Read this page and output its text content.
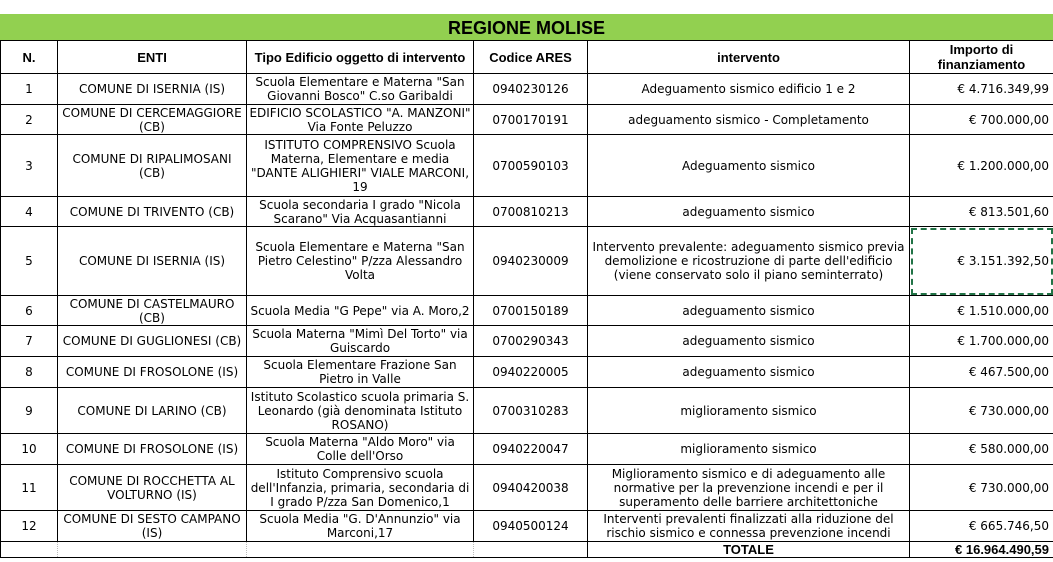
REGIONE MOLISE
N.	ENTI	Tipo Edificio oggetto di intervento	Codice ARES	intervento	Importo di finanziamento
1	COMUNE DI ISERNIA (IS)	Scuola Elementare e Materna "San Giovanni Bosco" C.so Garibaldi	0940230126	Adeguamento sismico edificio 1 e 2	€ 4.716.349,99
2	COMUNE DI CERCEMAGGIORE (CB)	EDIFICIO SCOLASTICO "A. MANZONI" Via Fonte Peluzzo	0700170191	adeguamento sismico - Completamento	€ 700.000,00
3	COMUNE DI RIPALIMOSANI (CB)	ISTITUTO COMPRENSIVO Scuola Materna, Elementare e media "DANTE ALIGHIERI" VIALE MARCONI, 19	0700590103	Adeguamento sismico	€ 1.200.000,00
4	COMUNE DI TRIVENTO (CB)	Scuola secondaria I grado "Nicola Scarano" Via Acquasantianni	0700810213	adeguamento sismico	€ 813.501,60
5	COMUNE DI ISERNIA (IS)	Scuola Elementare e Materna "San Pietro Celestino" P/zza Alessandro Volta	0940230009	Intervento prevalente: adeguamento sismico previa demolizione e ricostruzione di parte dell'edificio (viene conservato solo il piano seminterrato)	€ 3.151.392,50
6	COMUNE DI CASTELMAURO (CB)	Scuola Media "G Pepe" via A. Moro,2	0700150189	adeguamento sismico	€ 1.510.000,00
7	COMUNE DI GUGLIONESI (CB)	Scuola Materna "Mimì Del Torto" via Guiscardo	0700290343	adeguamento sismico	€ 1.700.000,00
8	COMUNE DI FROSOLONE (IS)	Scuola Elementare Frazione San Pietro in Valle	0940220005	adeguamento sismico	€ 467.500,00
9	COMUNE DI LARINO (CB)	Istituto Scolastico scuola primaria S. Leonardo (già denominata Istituto ROSANO)	0700310283	miglioramento sismico	€ 730.000,00
10	COMUNE DI FROSOLONE (IS)	Scuola Materna "Aldo Moro" via Colle dell'Orso	0940220047	miglioramento sismico	€ 580.000,00
11	COMUNE DI ROCCHETTA AL VOLTURNO (IS)	Istituto Comprensivo scuola dell'Infanzia, primaria, secondaria di I grado P/zza San Domenico,1	0940420038	Miglioramento sismico e di adeguamento alle normative per la prevenzione incendi e per il superamento delle barriere architettoniche	€ 730.000,00
12	COMUNE DI SESTO CAMPANO (IS)	Scuola Media "G. D'Annunzio" via Marconi,17	0940500124	Interventi prevalenti finalizzati alla riduzione del rischio sismico e connessa prevenzione incendi	€ 665.746,50
				TOTALE	€ 16.964.490,59
